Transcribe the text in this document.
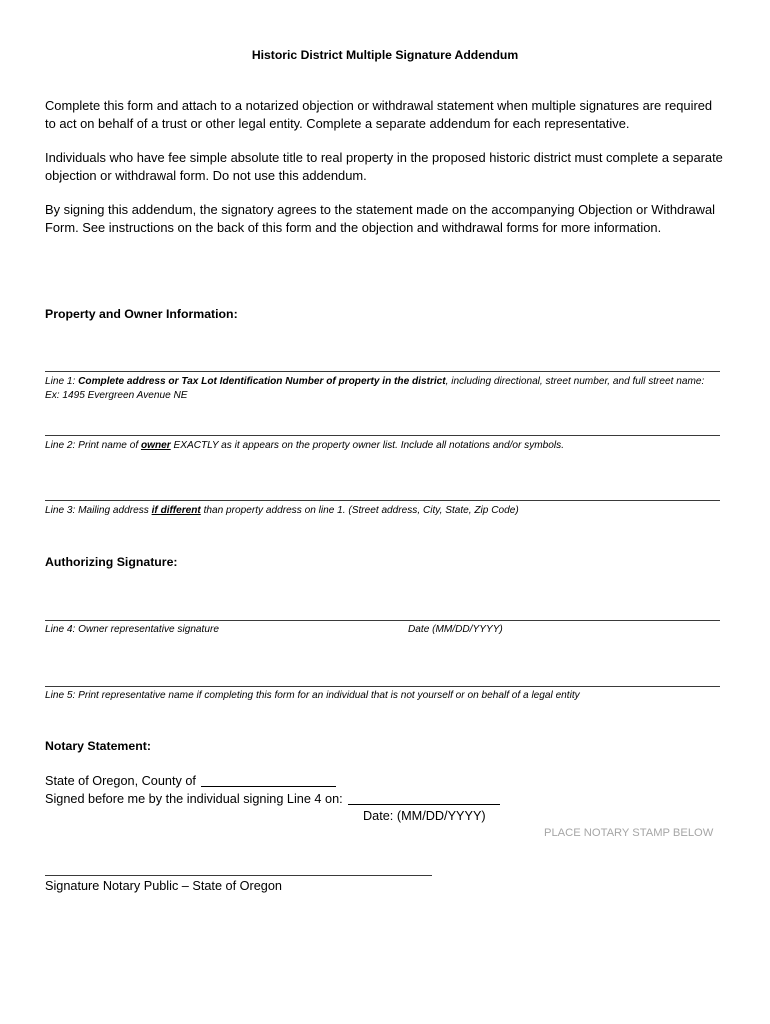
Historic District Multiple Signature Addendum
Complete this form and attach to a notarized objection or withdrawal statement when multiple signatures are required
to act on behalf of a trust or other legal entity. Complete a separate addendum for each representative.
Individuals who have fee simple absolute title to real property in the proposed historic district must complete a separate
objection or withdrawal form. Do not use this addendum.
By signing this addendum, the signatory agrees to the statement made on the accompanying Objection or Withdrawal
Form. See instructions on the back of this form and the objection and withdrawal forms for more information.
Property and Owner Information:
Line 1: Complete address or Tax Lot Identification Number of property in the district, including directional, street number, and full street name:
Ex: 1495 Evergreen Avenue NE
Line 2: Print name of owner EXACTLY as it appears on the property owner list. Include all notations and/or symbols.
Line 3: Mailing address if different than property address on line 1. (Street address, City, State, Zip Code)
Authorizing Signature:
Line 4: Owner representative signature	Date (MM/DD/YYYY)
Line 5: Print representative name if completing this form for an individual that is not yourself or on behalf of a legal entity
Notary Statement:
State of Oregon, County of
Signed before me by the individual signing Line 4 on:
Date: (MM/DD/YYYY)
PLACE NOTARY STAMP BELOW
Signature Notary Public – State of Oregon
